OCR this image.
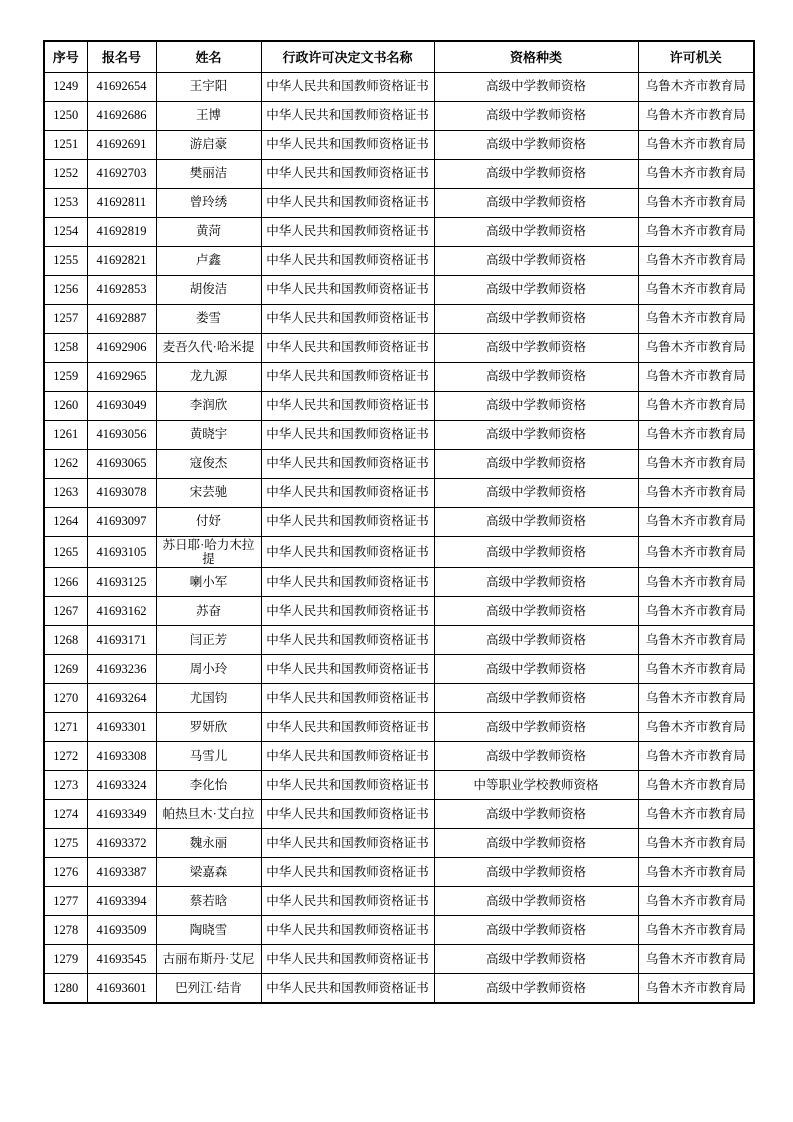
序号	报名号	姓名	行政许可决定文书名称	资格种类	许可机关
1249	41692654	王宇阳	中华人民共和国教师资格证书	高级中学教师资格	乌鲁木齐市教育局
1250	41692686	王博	中华人民共和国教师资格证书	高级中学教师资格	乌鲁木齐市教育局
1251	41692691	游启豪	中华人民共和国教师资格证书	高级中学教师资格	乌鲁木齐市教育局
1252	41692703	樊丽洁	中华人民共和国教师资格证书	高级中学教师资格	乌鲁木齐市教育局
1253	41692811	曾玲绣	中华人民共和国教师资格证书	高级中学教师资格	乌鲁木齐市教育局
1254	41692819	黄菏	中华人民共和国教师资格证书	高级中学教师资格	乌鲁木齐市教育局
1255	41692821	卢鑫	中华人民共和国教师资格证书	高级中学教师资格	乌鲁木齐市教育局
1256	41692853	胡俊洁	中华人民共和国教师资格证书	高级中学教师资格	乌鲁木齐市教育局
1257	41692887	娄雪	中华人民共和国教师资格证书	高级中学教师资格	乌鲁木齐市教育局
1258	41692906	麦吾久代·哈米提	中华人民共和国教师资格证书	高级中学教师资格	乌鲁木齐市教育局
1259	41692965	龙九源	中华人民共和国教师资格证书	高级中学教师资格	乌鲁木齐市教育局
1260	41693049	李润欣	中华人民共和国教师资格证书	高级中学教师资格	乌鲁木齐市教育局
1261	41693056	黄晓宇	中华人民共和国教师资格证书	高级中学教师资格	乌鲁木齐市教育局
1262	41693065	寇俊杰	中华人民共和国教师资格证书	高级中学教师资格	乌鲁木齐市教育局
1263	41693078	宋芸驰	中华人民共和国教师资格证书	高级中学教师资格	乌鲁木齐市教育局
1264	41693097	付妤	中华人民共和国教师资格证书	高级中学教师资格	乌鲁木齐市教育局
1265	41693105	苏日耶·哈力木拉提	中华人民共和国教师资格证书	高级中学教师资格	乌鲁木齐市教育局
1266	41693125	喇小军	中华人民共和国教师资格证书	高级中学教师资格	乌鲁木齐市教育局
1267	41693162	苏奋	中华人民共和国教师资格证书	高级中学教师资格	乌鲁木齐市教育局
1268	41693171	闫正芳	中华人民共和国教师资格证书	高级中学教师资格	乌鲁木齐市教育局
1269	41693236	周小玲	中华人民共和国教师资格证书	高级中学教师资格	乌鲁木齐市教育局
1270	41693264	尤国钧	中华人民共和国教师资格证书	高级中学教师资格	乌鲁木齐市教育局
1271	41693301	罗妍欣	中华人民共和国教师资格证书	高级中学教师资格	乌鲁木齐市教育局
1272	41693308	马雪儿	中华人民共和国教师资格证书	高级中学教师资格	乌鲁木齐市教育局
1273	41693324	李化怡	中华人民共和国教师资格证书	中等职业学校教师资格	乌鲁木齐市教育局
1274	41693349	帕热旦木·艾白拉	中华人民共和国教师资格证书	高级中学教师资格	乌鲁木齐市教育局
1275	41693372	魏永丽	中华人民共和国教师资格证书	高级中学教师资格	乌鲁木齐市教育局
1276	41693387	梁嘉森	中华人民共和国教师资格证书	高级中学教师资格	乌鲁木齐市教育局
1277	41693394	蔡若晗	中华人民共和国教师资格证书	高级中学教师资格	乌鲁木齐市教育局
1278	41693509	陶晓雪	中华人民共和国教师资格证书	高级中学教师资格	乌鲁木齐市教育局
1279	41693545	古丽布斯丹·艾尼	中华人民共和国教师资格证书	高级中学教师资格	乌鲁木齐市教育局
1280	41693601	巴列江·结肯	中华人民共和国教师资格证书	高级中学教师资格	乌鲁木齐市教育局
